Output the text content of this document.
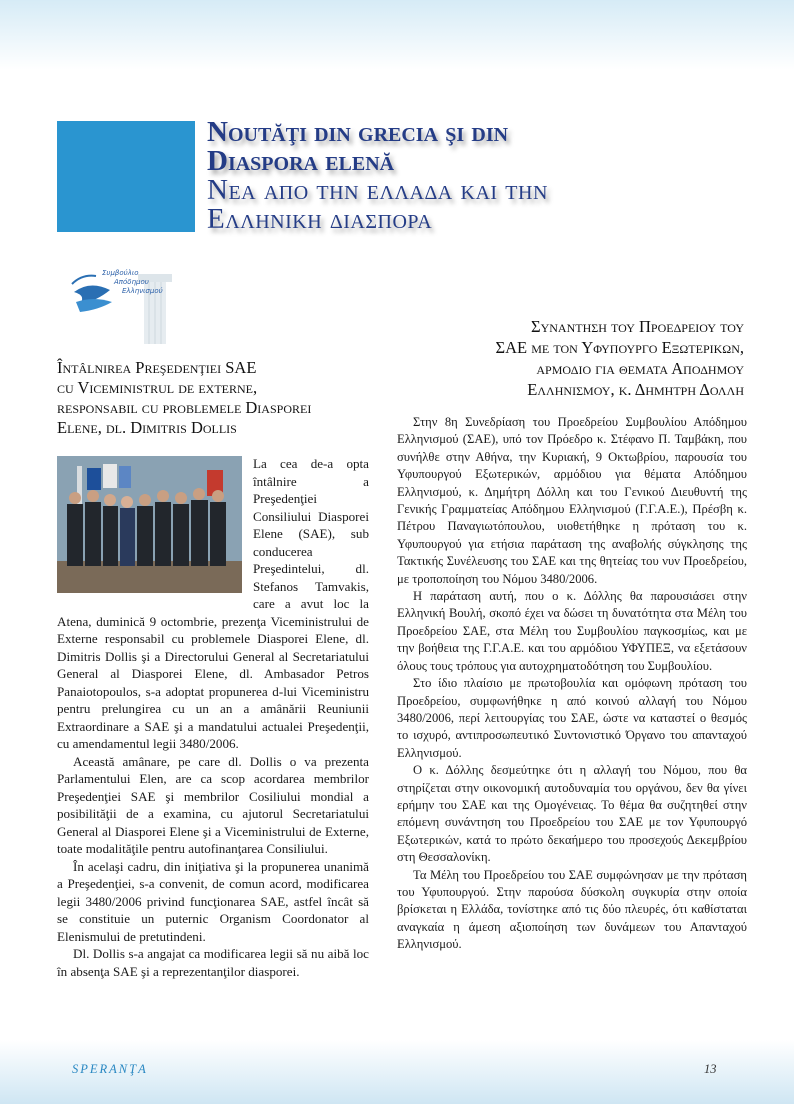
Noutăţi din grecia şi din
Diaspora elenă
Νεα απο την ελλαδα και την
Ελληνικη διασπορα
Συμβούλιο
Απόδημου
Ελληνισμού
Întâlnirea Preşedenţiei SAE
cu Viceministrul de externe,
responsabil cu problemele Diasporei
Elene, dl. Dimitris Dollis
Συναντηση του Προεδρειου του
ΣΑΕ με τον Υφυπουργο Εξωτερικων,
αρμοδιο για θεματα Αποδημου
Ελληνισμου, κ. Δημητρη Δολλη

La cea de-a opta întâlnire a Preşedenţiei Consiliului Diasporei Elene (SAE), sub conducerea Preşedintelui, dl. Stefanos Tamvakis, care a avut loc la Atena, duminică 9 octombrie, prezenţa Viceministrului de Externe responsabil cu problemele Diasporei Elene, dl. Dimitris Dollis şi a Directorului General al Secretariatului General al Diasporei Elene, dl. Ambasador Petros Panaiotopoulos, s-a adoptat propunerea d-lui Viceministru pentru prelungirea cu un an a amânării Reuniunii Extraordinare a SAE şi a mandatului actualei Preşedenţii, cu amendamentul legii 3480/2006.

Această amânare, pe care dl. Dollis o va prezenta Parlamentului Elen, are ca scop acordarea membrilor Preşedenţiei SAE şi membrilor Cosiliului mondial a posibilităţii de a examina, cu ajutorul Secretariatului General al Diasporei Elene şi a Viceministrului de Externe, toate modalităţile pentru autofinanţarea Consiliului.

În acelaşi cadru, din iniţiativa şi la propunerea unanimă a Preşedenţiei, s-a convenit, de comun acord, modificarea legii 3480/2006 privind funcţionarea SAE, astfel încât să se constituie un puternic Organism Coordonator al Elenismului de pretutindeni.

Dl. Dollis s-a angajat ca modificarea legii să nu aibă loc în absenţa SAE şi a reprezentanţilor diasporei.

Στην 8η Συνεδρίαση του Προεδρείου Συμβουλίου Απόδημου Ελληνισμού (ΣΑΕ), υπό τον Πρόεδρο κ. Στέφανο Π. Ταμβάκη, που συνήλθε στην Αθήνα, την Κυριακή, 9 Οκτωβρίου, παρουσία του Υφυπουργού Εξωτερικών, αρμόδιου για θέματα Απόδημου Ελληνισμού, κ. Δημήτρη Δόλλη και του Γενικού Διευθυντή της Γενικής Γραμματείας Απόδημου Ελληνισμού (Γ.Γ.Α.Ε.), Πρέσβη κ. Πέτρου Παναγιωτόπουλου, υιοθετήθηκε η πρόταση του κ. Υφυπουργού για ετήσια παράταση της αναβολής σύγκλησης της Τακτικής Συνέλευσης του ΣΑΕ και της θητείας του νυν Προεδρείου, με τροποποίηση του Νόμου 3480/2006.

Η παράταση αυτή, που ο κ. Δόλλης θα παρουσιάσει στην Ελληνική Βουλή, σκοπό έχει να δώσει τη δυνατότητα στα Μέλη του Προεδρείου ΣΑΕ, στα Μέλη του Συμβουλίου παγκοσμίως, και με την βοήθεια της Γ.Γ.Α.Ε. και του αρμόδιου ΥΦΥΠΕΞ, να εξετάσουν όλους τους τρόπους για αυτοχρηματοδότηση του Συμβουλίου.

Στο ίδιο πλαίσιο με πρωτοβουλία και ομόφωνη πρόταση του Προεδρείου, συμφωνήθηκε η από κοινού αλλαγή του Νόμου 3480/2006, περί λειτουργίας του ΣΑΕ, ώστε να καταστεί ο θεσμός το ισχυρό, αντιπροσωπευτικό Συντονιστικό Όργανο του απανταχού Ελληνισμού.

Ο κ. Δόλλης δεσμεύτηκε ότι η αλλαγή του Νόμου, που θα στηρίζεται στην οικονομική αυτοδυναμία του οργάνου, δεν θα γίνει ερήμην του ΣΑΕ και της Ομογένειας. Το θέμα θα συζητηθεί στην επόμενη συνάντηση του Προεδρείου του ΣΑΕ με τον Υφυπουργό Εξωτερικών, κατά το πρώτο δεκαήμερο του προσεχούς Δεκεμβρίου στη Θεσσαλονίκη.

Τα Μέλη του Προεδρείου του ΣΑΕ συμφώνησαν με την πρόταση του Υφυπουργού. Στην παρούσα δύσκολη συγκυρία στην οποία βρίσκεται η Ελλάδα, τονίστηκε από τις δύο πλευρές, ότι καθίσταται αναγκαία η άμεση αξιοποίηση των δυνάμεων του Απανταχού Ελληνισμού.

SPERANŢA	13
